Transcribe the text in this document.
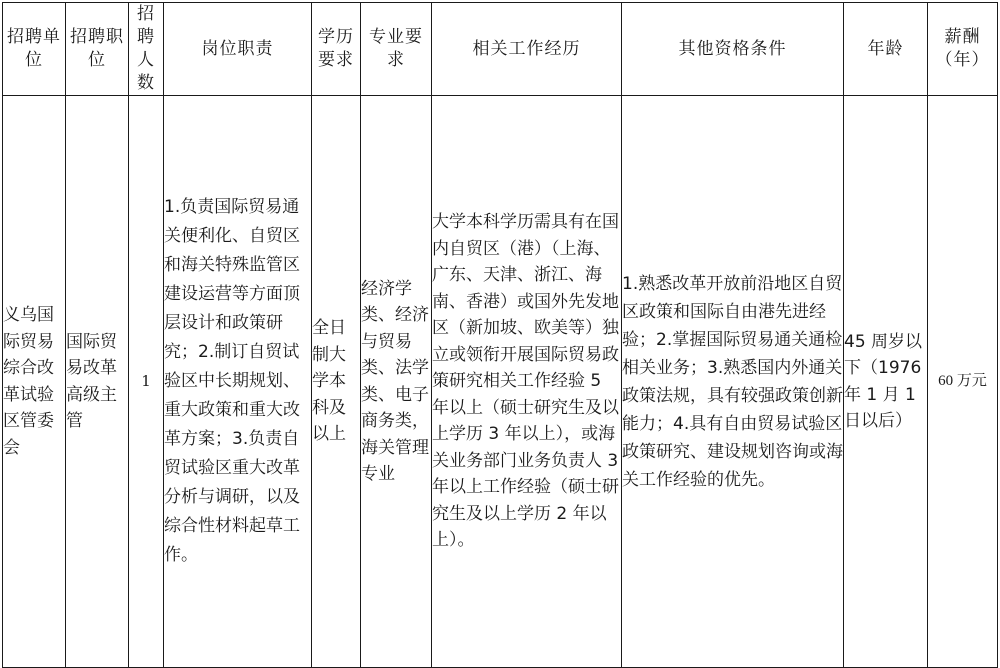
招聘单位	招聘职位	招聘人数	岗位职责	学历要求	专业要求	相关工作经历	其他资格条件	年龄	薪酬（年）

义乌国际贸易综合改革试验区管委会	国际贸易改革高级主管	1	1.负责国际贸易通关便利化、自贸区和海关特殊监管区建设运营等方面顶层设计和政策研究；2.制订自贸试验区中长期规划、重大政策和重大改革方案；3.负责自贸试验区重大改革分析与调研，以及综合性材料起草工作。	全日制大学本科及以上	经济学类、经济与贸易类、法学类、电子商务类，海关管理专业	大学本科学历需具有在国内自贸区（港）（上海、广东、天津、浙江、海南、香港）或国外先发地区（新加坡、欧美等）独立或领衔开展国际贸易政策研究相关工作经验 5 年以上（硕士研究生及以上学历 3 年以上），或海关业务部门业务负责人 3 年以上工作经验（硕士研究生及以上学历 2 年以上）。	1.熟悉改革开放前沿地区自贸区政策和国际自由港先进经验；2.掌握国际贸易通关通检相关业务；3.熟悉国内外通关政策法规，具有较强政策创新能力；4.具有自由贸易试验区政策研究、建设规划咨询或海关工作经验的优先。	45 周岁以下（1976 年 1 月 1 日以后）	60 万元
